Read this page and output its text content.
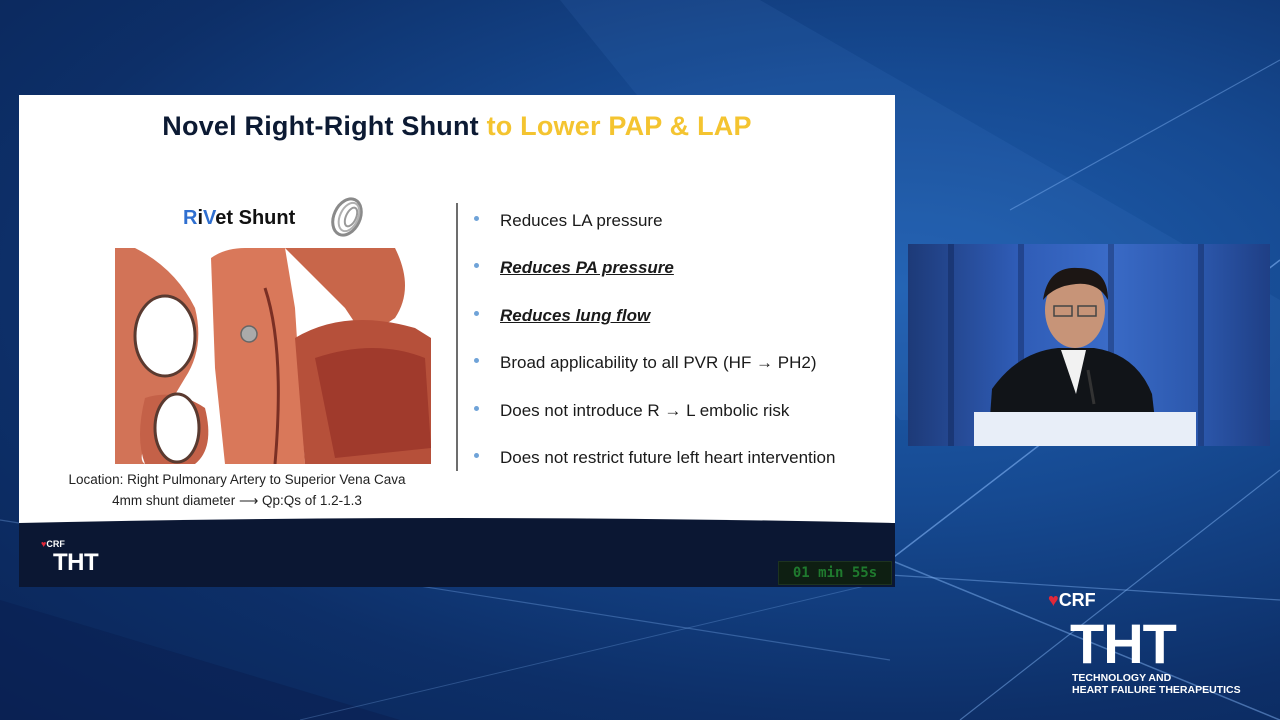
Novel Right-Right Shunt to Lower PAP & LAP
RiVet Shunt
Location: Right Pulmonary Artery to Superior Vena Cava
4mm shunt diameter ⟶ Qp:Qs of 1.2-1.3
Reduces LA pressure
Reduces PA pressure
Reduces lung flow
Broad applicability to all PVR (HF → PH2)
Does not introduce R → L embolic risk
Does not restrict future left heart intervention
♥CRF
THT	01 min 55s
♥CRF
THT
TECHNOLOGY AND
HEART FAILURE THERAPEUTICS
